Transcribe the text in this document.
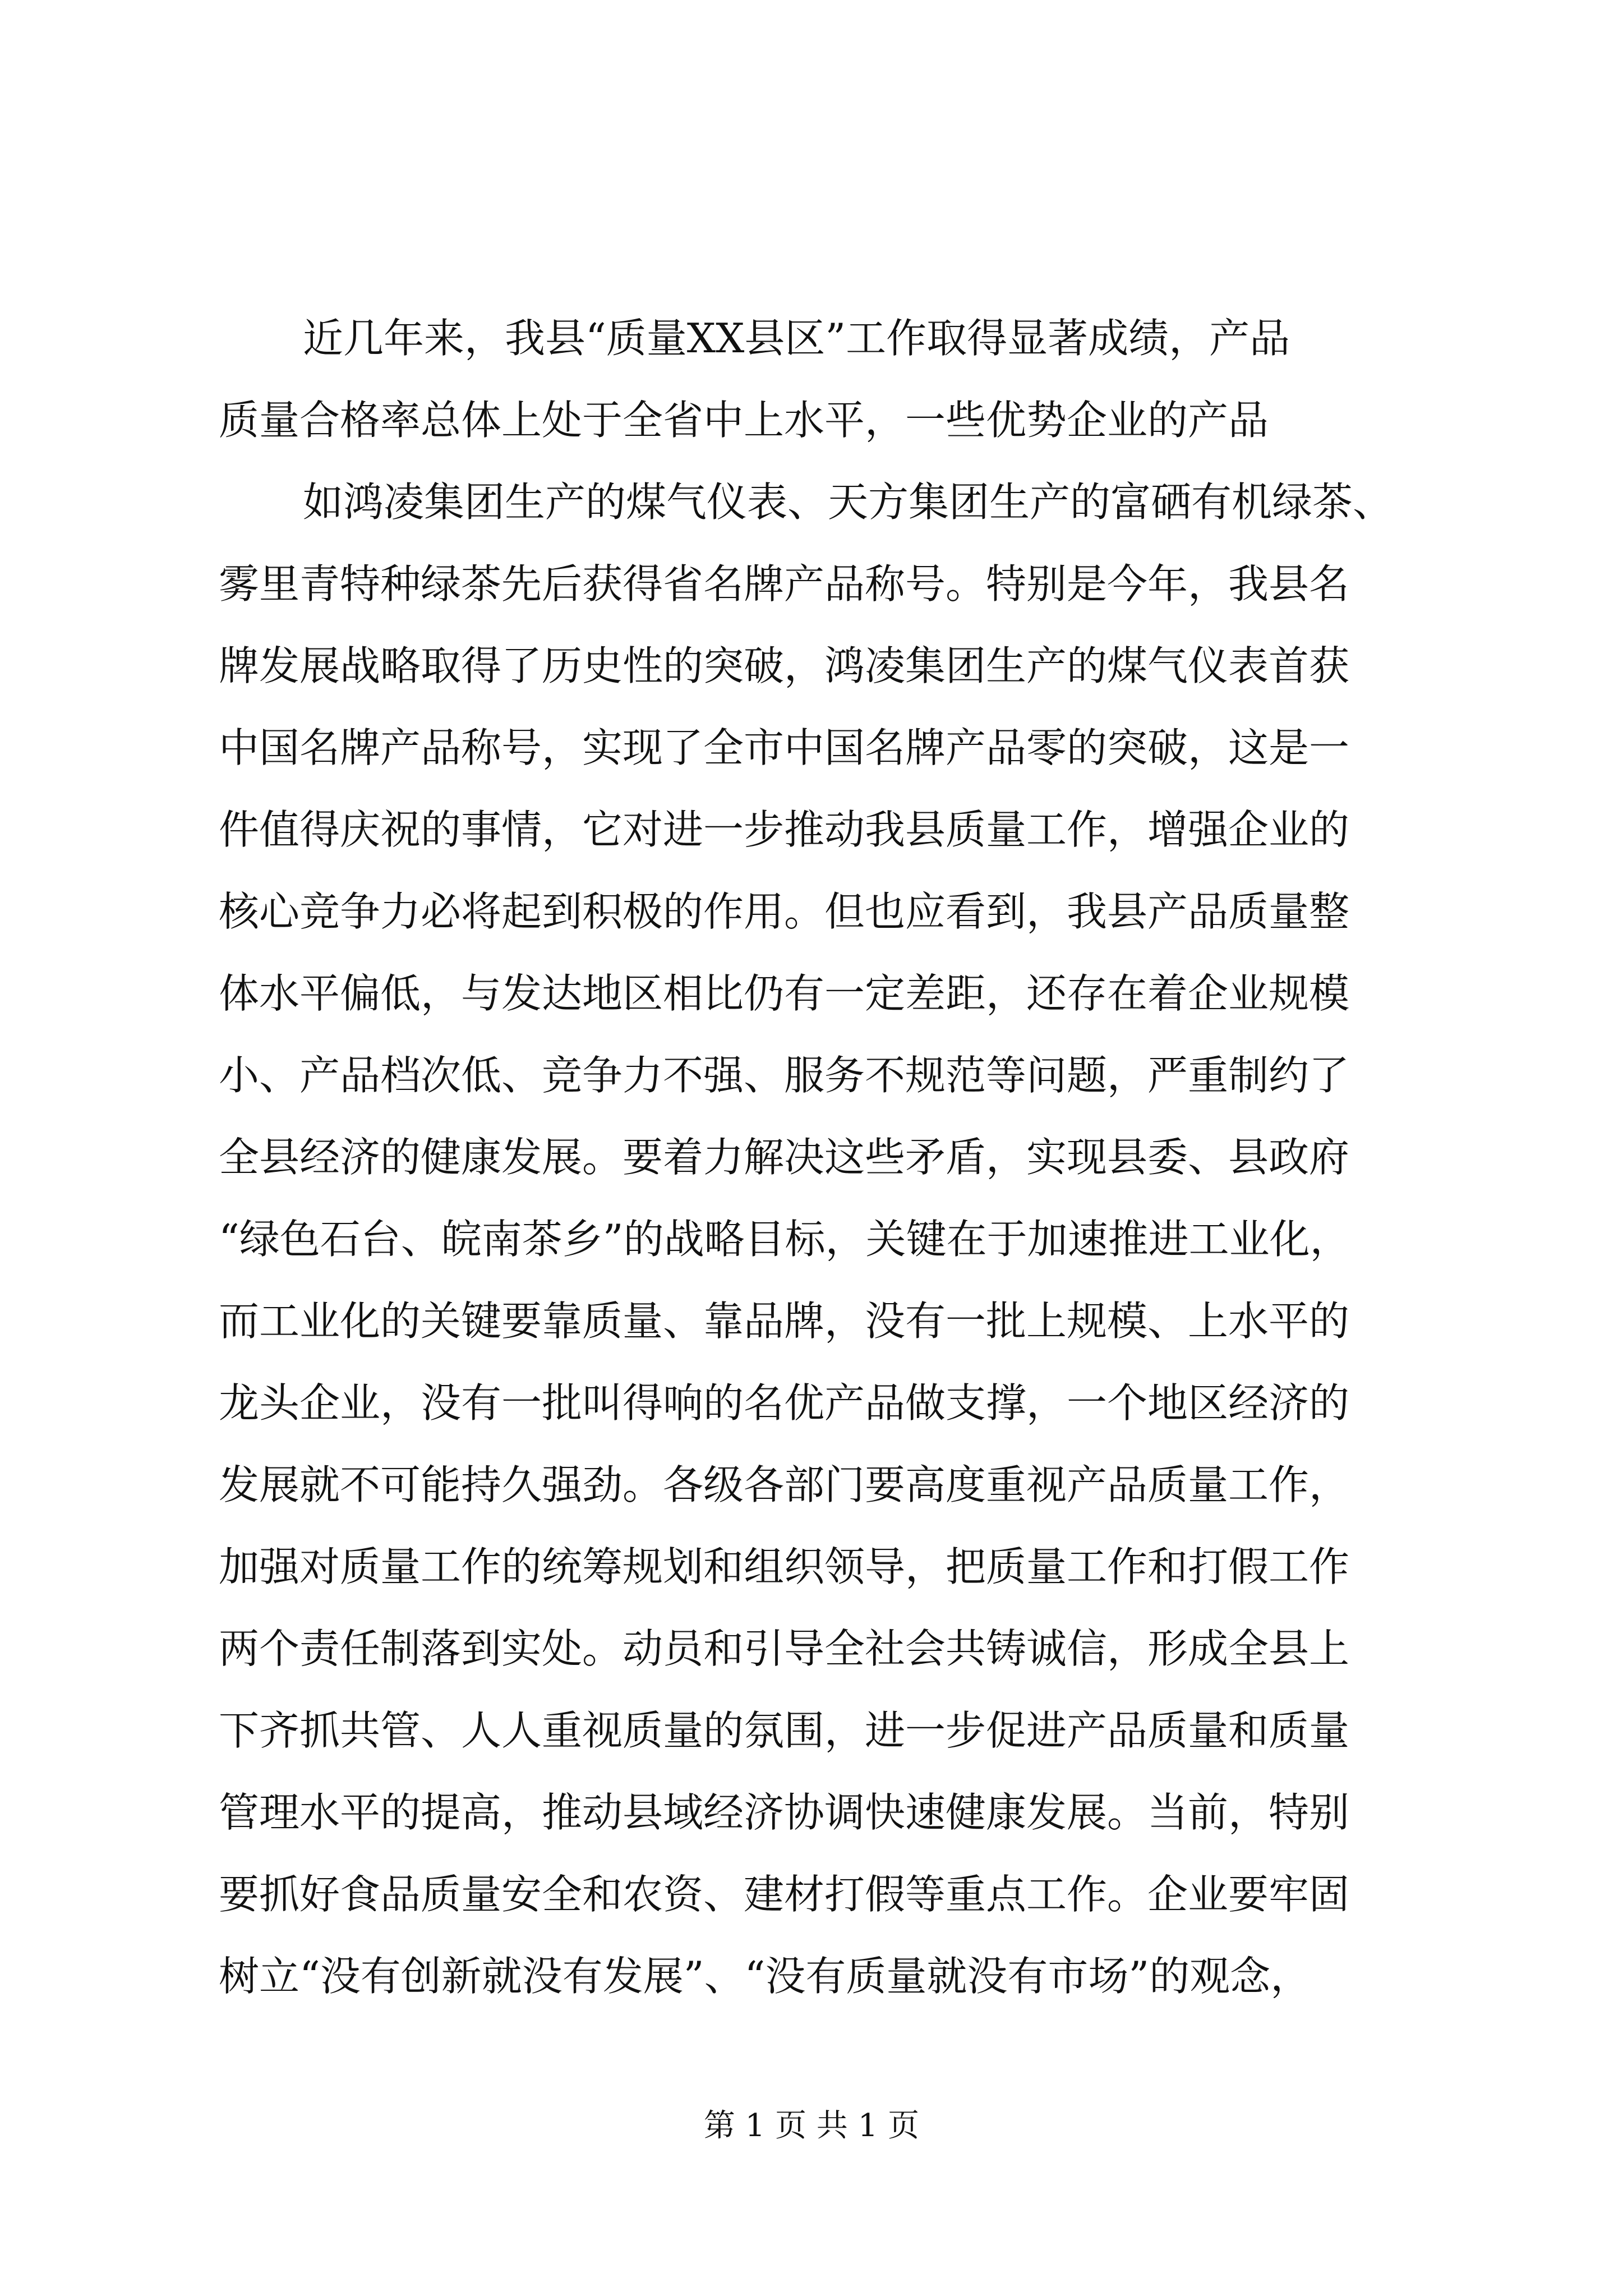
近几年来，我县“质量XX县区”工作取得显著成绩，产品
质量合格率总体上处于全省中上水平，一些优势企业的产品
如鸿凌集团生产的煤气仪表、天方集团生产的富硒有机绿茶、
雾里青特种绿茶先后获得省名牌产品称号。特别是今年，我县名
牌发展战略取得了历史性的突破，鸿凌集团生产的煤气仪表首获
中国名牌产品称号，实现了全市中国名牌产品零的突破，这是一
件值得庆祝的事情，它对进一步推动我县质量工作，增强企业的
核心竞争力必将起到积极的作用。但也应看到，我县产品质量整
体水平偏低，与发达地区相比仍有一定差距，还存在着企业规模
小、产品档次低、竞争力不强、服务不规范等问题，严重制约了
全县经济的健康发展。要着力解决这些矛盾，实现县委、县政府
“绿色石台、皖南茶乡”的战略目标，关键在于加速推进工业化，
而工业化的关键要靠质量、靠品牌，没有一批上规模、上水平的
龙头企业，没有一批叫得响的名优产品做支撑，一个地区经济的
发展就不可能持久强劲。各级各部门要高度重视产品质量工作，
加强对质量工作的统筹规划和组织领导，把质量工作和打假工作
两个责任制落到实处。动员和引导全社会共铸诚信，形成全县上
下齐抓共管、人人重视质量的氛围，进一步促进产品质量和质量
管理水平的提高，推动县域经济协调快速健康发展。当前，特别
要抓好食品质量安全和农资、建材打假等重点工作。企业要牢固
树立“没有创新就没有发展”、“没有质量就没有市场”的观念，
第 1 页 共 1 页
